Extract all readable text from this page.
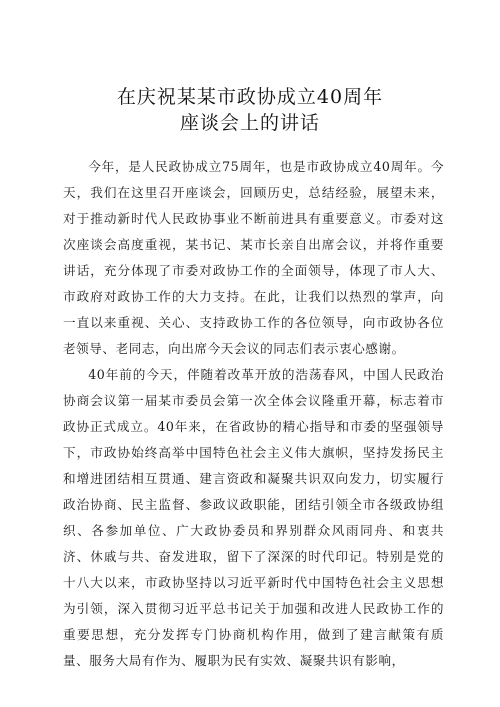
在庆祝某某市政协成立40周年
座谈会上的讲话

今年，是人民政协成立75周年，也是市政协成立40周年。今天，我们在这里召开座谈会，回顾历史，总结经验，展望未来，对于推动新时代人民政协事业不断前进具有重要意义。市委对这次座谈会高度重视，某书记、某市长亲自出席会议，并将作重要讲话，充分体现了市委对政协工作的全面领导，体现了市人大、市政府对政协工作的大力支持。在此，让我们以热烈的掌声，向一直以来重视、关心、支持政协工作的各位领导，向市政协各位老领导、老同志，向出席今天会议的同志们表示衷心感谢。

40年前的今天，伴随着改革开放的浩荡春风，中国人民政治协商会议第一届某市委员会第一次全体会议隆重开幕，标志着市政协正式成立。40年来，在省政协的精心指导和市委的坚强领导下，市政协始终高举中国特色社会主义伟大旗帜，坚持发扬民主和增进团结相互贯通、建言资政和凝聚共识双向发力，切实履行政治协商、民主监督、参政议政职能，团结引领全市各级政协组织、各参加单位、广大政协委员和界别群众风雨同舟、和衷共济、休戚与共、奋发进取，留下了深深的时代印记。特别是党的十八大以来，市政协坚持以习近平新时代中国特色社会主义思想为引领，深入贯彻习近平总书记关于加强和改进人民政协工作的重要思想，充分发挥专门协商机构作用，做到了建言献策有质量、服务大局有作为、履职为民有实效、凝聚共识有影响，
